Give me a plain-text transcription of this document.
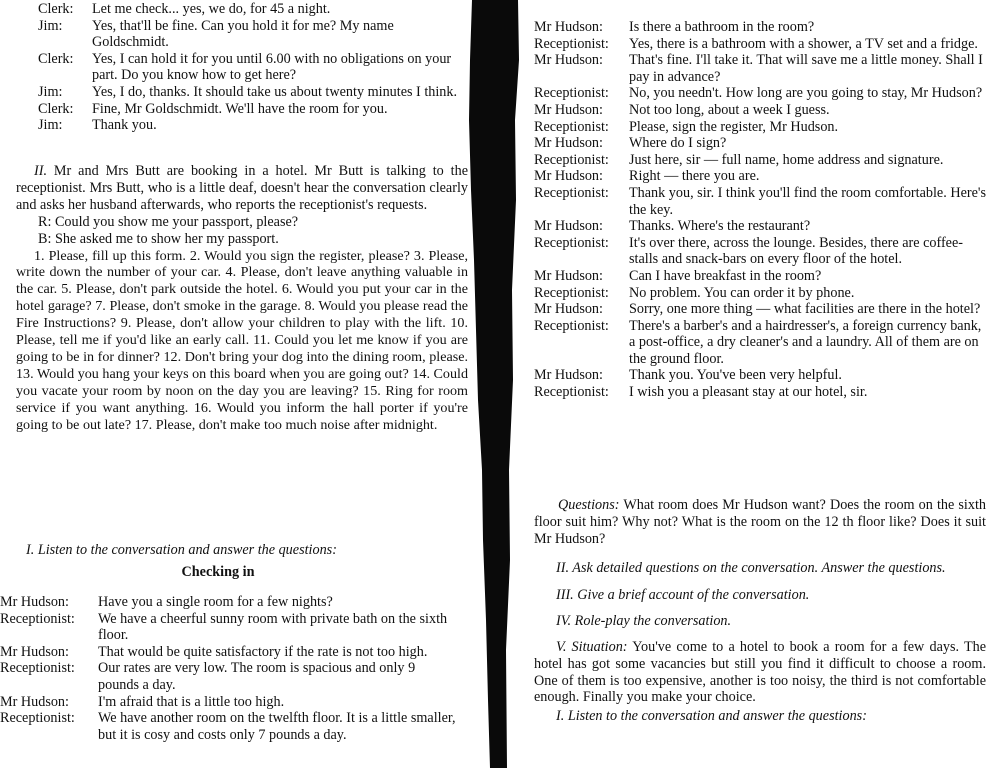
Clerk:	Let me check... yes, we do, for 45 a night.
Jim:	Yes, that'll be fine. Can you hold it for me? My name Goldschmidt.
Clerk:	Yes, I can hold it for you until 6.00 with no obligations on your part. Do you know how to get here?
Jim:	Yes, I do, thanks. It should take us about twenty minutes I think.
Clerk:	Fine, Mr Goldschmidt. We'll have the room for you.
Jim:	Thank you.

II. Mr and Mrs Butt are booking in a hotel. Mr Butt is talking to the receptionist. Mrs Butt, who is a little deaf, doesn't hear the conversation clearly and asks her husband afterwards, who reports the receptionist's requests.

R: Could you show me your passport, please?

B: She asked me to show her my passport.

1. Please, fill up this form. 2. Would you sign the register, please? 3. Please, write down the number of your car. 4. Please, don't leave anything valuable in the car. 5. Please, don't park outside the hotel. 6. Would you put your car in the hotel garage? 7. Please, don't smoke in the garage. 8. Would you please read the Fire Instructions? 9. Please, don't allow your children to play with the lift. 10. Please, tell me if you'd like an early call. 11. Could you let me know if you are going to be in for dinner? 12. Don't bring your dog into the dining room, please. 13. Would you hang your keys on this board when you are going out? 14. Could you vacate your room by noon on the day you are leaving? 15. Ring for room service if you want anything. 16. Would you inform the hall porter if you're going to be out late? 17. Please, don't make too much noise after midnight.

I. Listen to the conversation and answer the questions:

Checking in
Mr Hudson:	Have you a single room for a few nights?
Receptionist:	We have a cheerful sunny room with private bath on the sixth floor.
Mr Hudson:	That would be quite satisfactory if the rate is not too high.
Receptionist:	Our rates are very low. The room is spacious and only 9 pounds a day.
Mr Hudson:	I'm afraid that is a little too high.
Receptionist:	We have another room on the twelfth floor. It is a little smaller, but it is cosy and costs only 7 pounds a day.
Mr Hudson:	Is there a bathroom in the room?
Receptionist:	Yes, there is a bathroom with a shower, a TV set and a fridge.
Mr Hudson:	That's fine. I'll take it. That will save me a little money. Shall I pay in advance?
Receptionist:	No, you needn't. How long are you going to stay, Mr Hudson?
Mr Hudson:	Not too long, about a week I guess.
Receptionist:	Please, sign the register, Mr Hudson.
Mr Hudson:	Where do I sign?
Receptionist:	Just here, sir — full name, home address and signature.
Mr Hudson:	Right — there you are.
Receptionist:	Thank you, sir. I think you'll find the room comfortable. Here's the key.
Mr Hudson:	Thanks. Where's the restaurant?
Receptionist:	It's over there, across the lounge. Besides, there are coffee-stalls and snack-bars on every floor of the hotel.
Mr Hudson:	Can I have breakfast in the room?
Receptionist:	No problem. You can order it by phone.
Mr Hudson:	Sorry, one more thing — what facilities are there in the hotel?
Receptionist:	There's a barber's and a hairdresser's, a foreign currency bank, a post-office, a dry cleaner's and a laundry. All of them are on the ground floor.
Mr Hudson:	Thank you. You've been very helpful.
Receptionist:	I wish you a pleasant stay at our hotel, sir.

Questions: What room does Mr Hudson want? Does the room on the sixth floor suit him? Why not? What is the room on the 12 th floor like? Does it suit Mr Hudson?

II. Ask detailed questions on the conversation. Answer the questions.

III. Give a brief account of the conversation.

IV. Role-play the conversation.

V. Situation: You've come to a hotel to book a room for a few days. The hotel has got some vacancies but still you find it difficult to choose a room. One of them is too expensive, another is too noisy, the third is not comfortable enough. Finally you make your choice.

I. Listen to the conversation and answer the questions:
